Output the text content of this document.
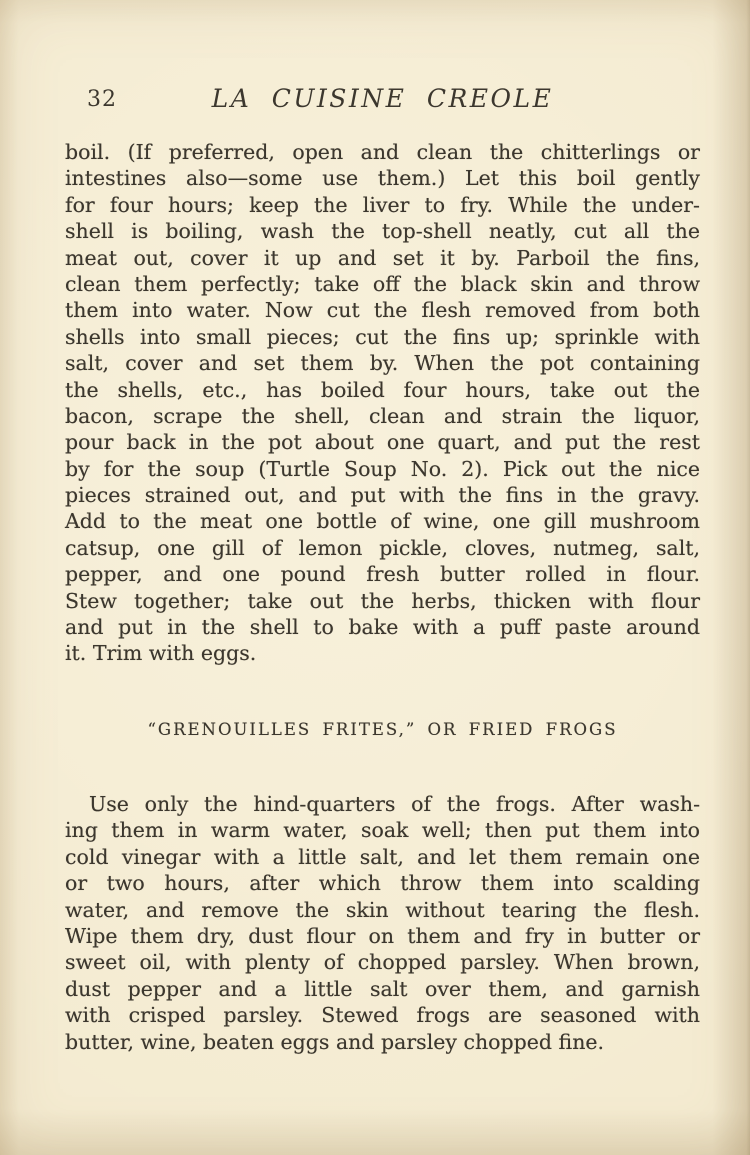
32	LA CUISINE CREOLE
boil. (If preferred, open and clean the chitterlings or
intestines also—some use them.) Let this boil gently
for four hours; keep the liver to fry. While the under-
shell is boiling, wash the top-shell neatly, cut all the
meat out, cover it up and set it by. Parboil the fins,
clean them perfectly; take off the black skin and throw
them into water. Now cut the flesh removed from both
shells into small pieces; cut the fins up; sprinkle with
salt, cover and set them by. When the pot containing
the shells, etc., has boiled four hours, take out the
bacon, scrape the shell, clean and strain the liquor,
pour back in the pot about one quart, and put the rest
by for the soup (Turtle Soup No. 2). Pick out the nice
pieces strained out, and put with the fins in the gravy.
Add to the meat one bottle of wine, one gill mushroom
catsup, one gill of lemon pickle, cloves, nutmeg, salt,
pepper, and one pound fresh butter rolled in flour.
Stew together; take out the herbs, thicken with flour
and put in the shell to bake with a puff paste around
it. Trim with eggs.
“GRENOUILLES FRITES,” OR FRIED FROGS
Use only the hind-quarters of the frogs. After wash-
ing them in warm water, soak well; then put them into
cold vinegar with a little salt, and let them remain one
or two hours, after which throw them into scalding
water, and remove the skin without tearing the flesh.
Wipe them dry, dust flour on them and fry in butter or
sweet oil, with plenty of chopped parsley. When brown,
dust pepper and a little salt over them, and garnish
with crisped parsley. Stewed frogs are seasoned with
butter, wine, beaten eggs and parsley chopped fine.
